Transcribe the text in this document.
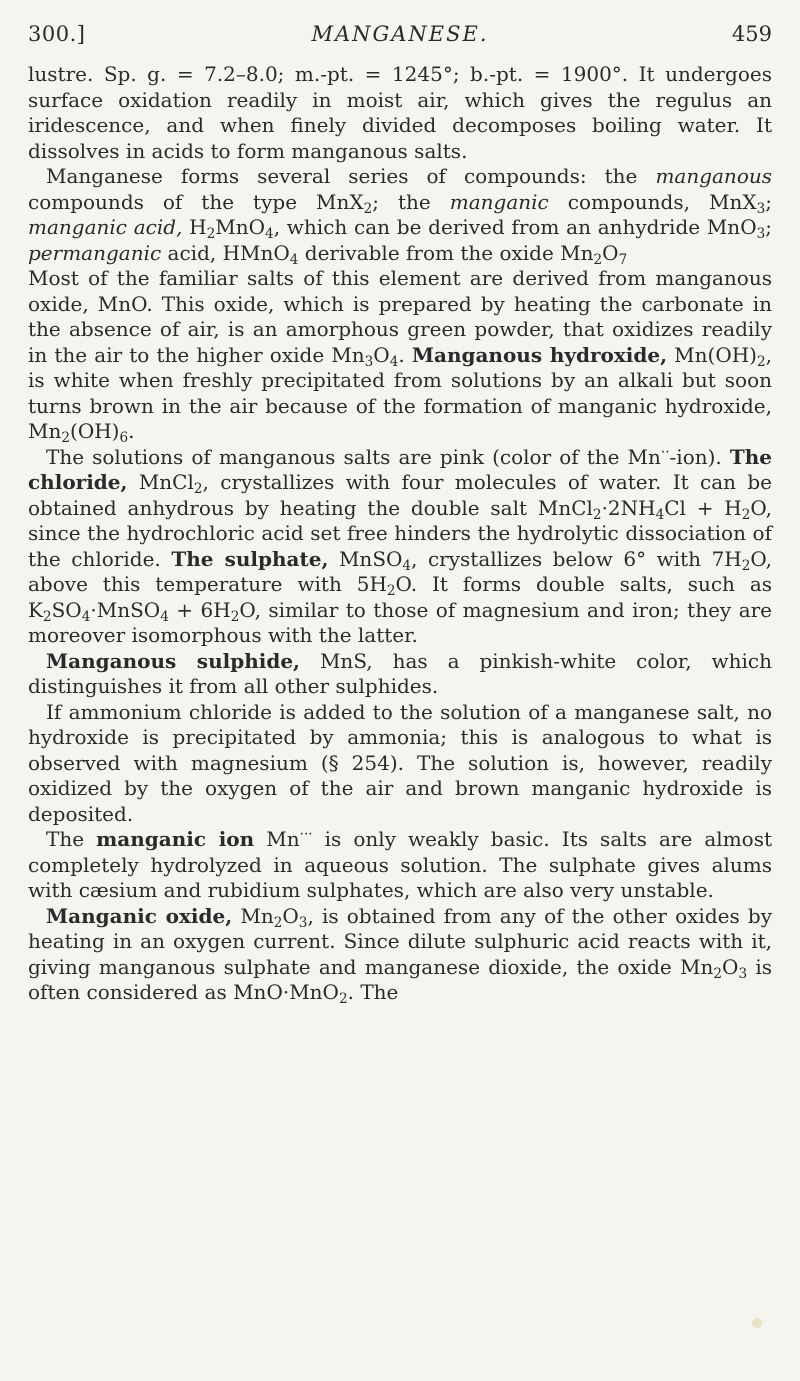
300.]	MANGANESE.	459

lustre. Sp. g. = 7.2–8.0; m.-pt. = 1245°; b.-pt. = 1900°. It undergoes surface oxidation readily in moist air, which gives the regulus an iridescence, and when finely divided decomposes boiling water. It dissolves in acids to form manganous salts.

Manganese forms several series of compounds: the manganous compounds of the type MnX$_2$; the manganic compounds, MnX$_3$; manganic acid, $H_2MnO_4$, which can be derived from an anhydride MnO$_3$; permanganic acid, HMnO$_4$ derivable from the oxide $Mn_2O_7$

Most of the familiar salts of this element are derived from manganous oxide, MnO. This oxide, which is prepared by heating the carbonate in the absence of air, is an amorphous green powder, that oxidizes readily in the air to the higher oxide $Mn_3O_4$. Manganous hydroxide, $Mn(OH)_2$, is white when freshly precipitated from solutions by an alkali but soon turns brown in the air because of the formation of manganic hydroxide, $Mn_2(OH)_6$.

The solutions of manganous salts are pink (color of the Mn··-ion). The chloride, MnCl$_2$, crystallizes with four molecules of water. It can be obtained anhydrous by heating the double salt $MnCl_2\cdot 2NH_4Cl + H_2O$, since the hydrochloric acid set free hinders the hydrolytic dissociation of the chloride. The sulphate, MnSO$_4$, crystallizes below 6° with $7H_2O$, above this temperature with $5H_2O$. It forms double salts, such as $K_2SO_4\cdot MnSO_4 + 6H_2O$, similar to those of magnesium and iron; they are moreover isomorphous with the latter.

Manganous sulphide, MnS, has a pinkish-white color, which distinguishes it from all other sulphides.

If ammonium chloride is added to the solution of a manganese salt, no hydroxide is precipitated by ammonia; this is analogous to what is observed with magnesium (§ 254). The solution is, however, readily oxidized by the oxygen of the air and brown manganic hydroxide is deposited.

The manganic ion Mn··· is only weakly basic. Its salts are almost completely hydrolyzed in aqueous solution. The sulphate gives alums with cæsium and rubidium sulphates, which are also very unstable.

Manganic oxide, $Mn_2O_3$, is obtained from any of the other oxides by heating in an oxygen current. Since dilute sulphuric acid reacts with it, giving manganous sulphate and manganese dioxide, the oxide $Mn_2O_3$ is often considered as MnO·MnO$_2$. The
